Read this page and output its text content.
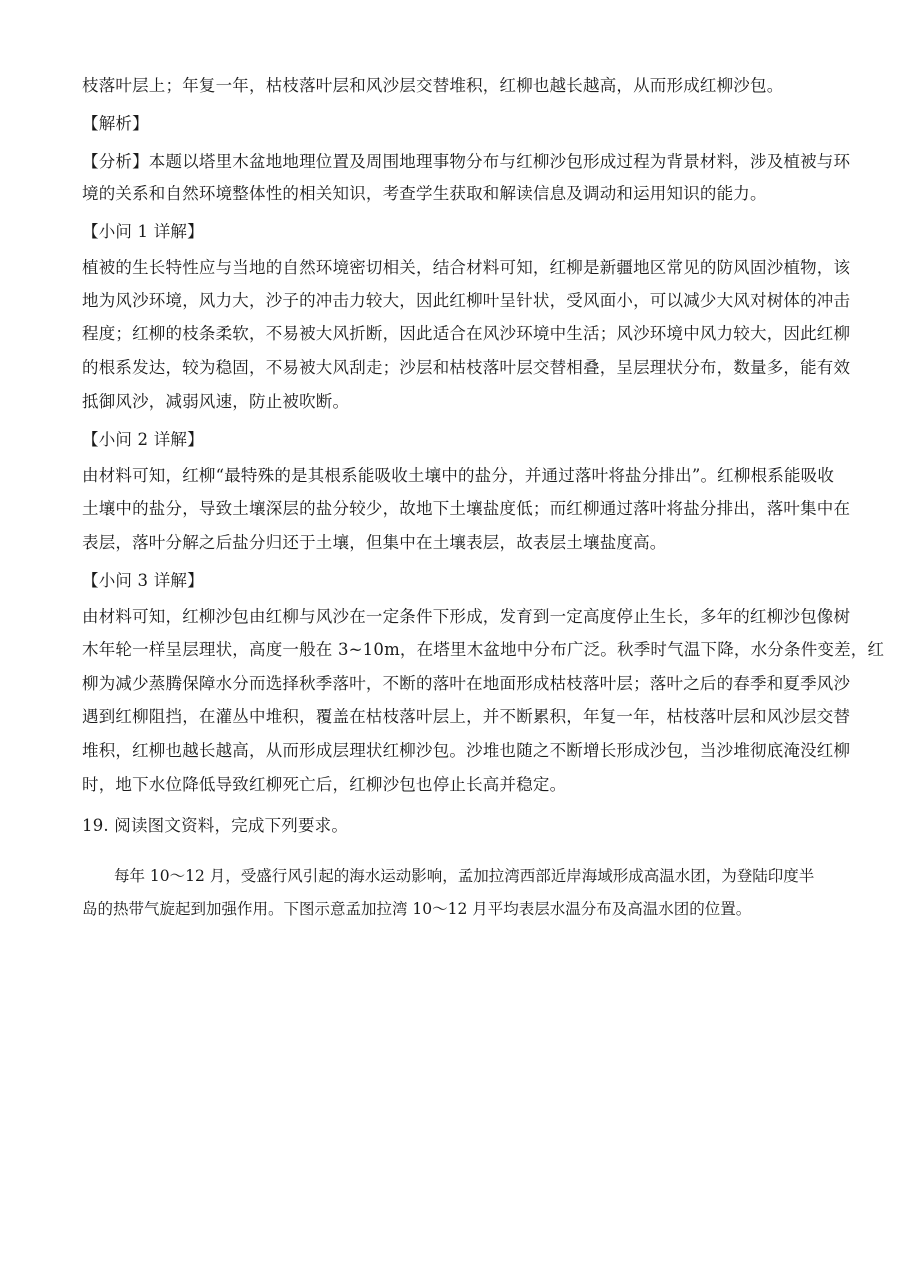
枝落叶层上；年复一年，枯枝落叶层和风沙层交替堆积，红柳也越长越高，从而形成红柳沙包。
【解析】
【分析】本题以塔里木盆地地理位置及周围地理事物分布与红柳沙包形成过程为背景材料，涉及植被与环
境的关系和自然环境整体性的相关知识，考查学生获取和解读信息及调动和运用知识的能力。
【小问 1 详解】
植被的生长特性应与当地的自然环境密切相关，结合材料可知，红柳是新疆地区常见的防风固沙植物，该
地为风沙环境，风力大，沙子的冲击力较大，因此红柳叶呈针状，受风面小，可以减少大风对树体的冲击
程度；红柳的枝条柔软，不易被大风折断，因此适合在风沙环境中生活；风沙环境中风力较大，因此红柳
的根系发达，较为稳固，不易被大风刮走；沙层和枯枝落叶层交替相叠，呈层理状分布，数量多，能有效
抵御风沙，减弱风速，防止被吹断。
【小问 2 详解】
由材料可知，红柳“最特殊的是其根系能吸收土壤中的盐分，并通过落叶将盐分排出”。红柳根系能吸收
土壤中的盐分，导致土壤深层的盐分较少，故地下土壤盐度低；而红柳通过落叶将盐分排出，落叶集中在
表层，落叶分解之后盐分归还于土壤，但集中在土壤表层，故表层土壤盐度高。
【小问 3 详解】
由材料可知，红柳沙包由红柳与风沙在一定条件下形成，发育到一定高度停止生长，多年的红柳沙包像树
木年轮一样呈层理状，高度一般在 3~10m，在塔里木盆地中分布广泛。秋季时气温下降，水分条件变差，红
柳为减少蒸腾保障水分而选择秋季落叶，不断的落叶在地面形成枯枝落叶层；落叶之后的春季和夏季风沙
遇到红柳阻挡，在灌丛中堆积，覆盖在枯枝落叶层上，并不断累积，年复一年，枯枝落叶层和风沙层交替
堆积，红柳也越长越高，从而形成层理状红柳沙包。沙堆也随之不断增长形成沙包，当沙堆彻底淹没红柳
时，地下水位降低导致红柳死亡后，红柳沙包也停止长高并稳定。
19. 阅读图文资料，完成下列要求。
每年 10～12 月，受盛行风引起的海水运动影响，孟加拉湾西部近岸海域形成高温水团，为登陆印度半
岛的热带气旋起到加强作用。下图示意孟加拉湾 10～12 月平均表层水温分布及高温水团的位置。
